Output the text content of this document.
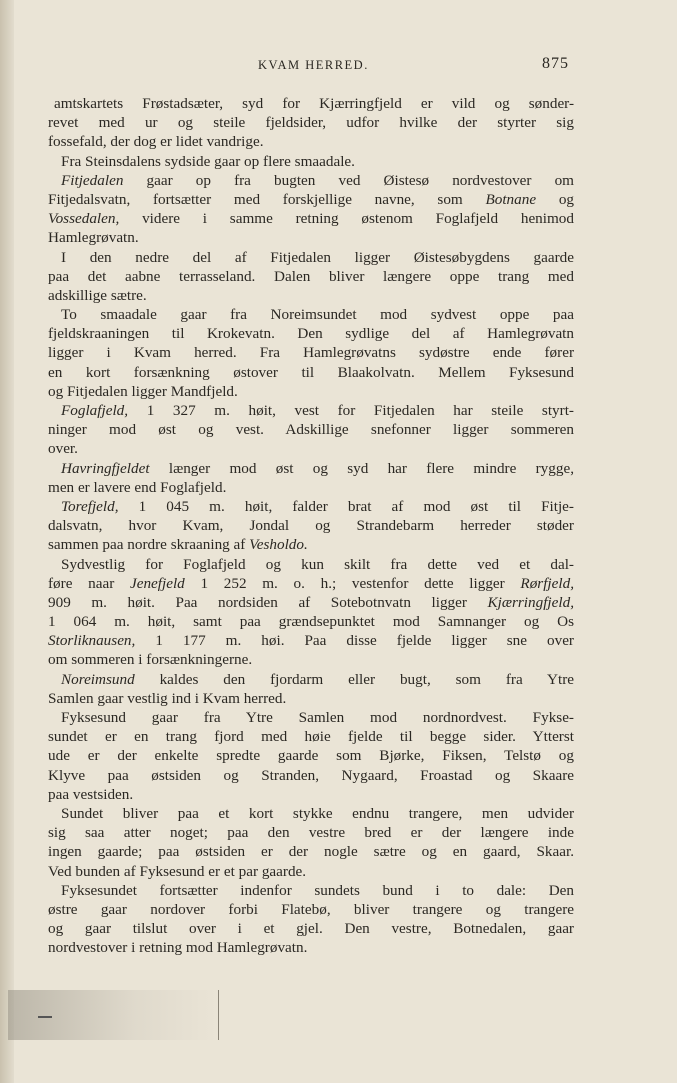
KVAM HERRED.	875
amtskartets Frøstadsæter, syd for Kjærringfjeld er vild og sønder-
revet med ur og steile fjeldsider, udfor hvilke der styrter sig
fossefald, der dog er lidet vandrige.
Fra Steinsdalens sydside gaar op flere smaadale.
Fitjedalen gaar op fra bugten ved Øistesø nordvestover om
Fitjedalsvatn, fortsætter med forskjellige navne, som Botnane og
Vossedalen, videre i samme retning østenom Foglafjeld henimod
Hamlegrøvatn.
I den nedre del af Fitjedalen ligger Øistesøbygdens gaarde
paa det aabne terrasseland. Dalen bliver længere oppe trang med
adskillige sætre.
To smaadale gaar fra Noreimsundet mod sydvest oppe paa
fjeldskraaningen til Krokevatn. Den sydlige del af Hamlegrøvatn
ligger i Kvam herred. Fra Hamlegrøvatns sydøstre ende fører
en kort forsænkning østover til Blaakolvatn. Mellem Fyksesund
og Fitjedalen ligger Mandfjeld.
Foglafjeld, 1 327 m. høit, vest for Fitjedalen har steile styrt-
ninger mod øst og vest. Adskillige snefonner ligger sommeren
over.
Havringfjeldet længer mod øst og syd har flere mindre rygge,
men er lavere end Foglafjeld.
Torefjeld, 1 045 m. høit, falder brat af mod øst til Fitje-
dalsvatn, hvor Kvam, Jondal og Strandebarm herreder støder
sammen paa nordre skraaning af Vesholdo.
Sydvestlig for Foglafjeld og kun skilt fra dette ved et dal-
føre naar Jenefjeld 1 252 m. o. h.; vestenfor dette ligger Rørfjeld,
909 m. høit. Paa nordsiden af Sotebotnvatn ligger Kjærringfjeld,
1 064 m. høit, samt paa grændsepunktet mod Samnanger og Os
Storliknausen, 1 177 m. høi. Paa disse fjelde ligger sne over
om sommeren i forsænkningerne.
Noreimsund kaldes den fjordarm eller bugt, som fra Ytre
Samlen gaar vestlig ind i Kvam herred.
Fyksesund gaar fra Ytre Samlen mod nordnordvest. Fykse-
sundet er en trang fjord med høie fjelde til begge sider. Ytterst
ude er der enkelte spredte gaarde som Bjørke, Fiksen, Telstø og
Klyve paa østsiden og Stranden, Nygaard, Froastad og Skaare
paa vestsiden.
Sundet bliver paa et kort stykke endnu trangere, men udvider
sig saa atter noget; paa den vestre bred er der længere inde
ingen gaarde; paa østsiden er der nogle sætre og en gaard, Skaar.
Ved bunden af Fyksesund er et par gaarde.
Fyksesundet fortsætter indenfor sundets bund i to dale: Den
østre gaar nordover forbi Flatebø, bliver trangere og trangere
og gaar tilslut over i et gjel. Den vestre, Botnedalen, gaar
nordvestover i retning mod Hamlegrøvatn.
